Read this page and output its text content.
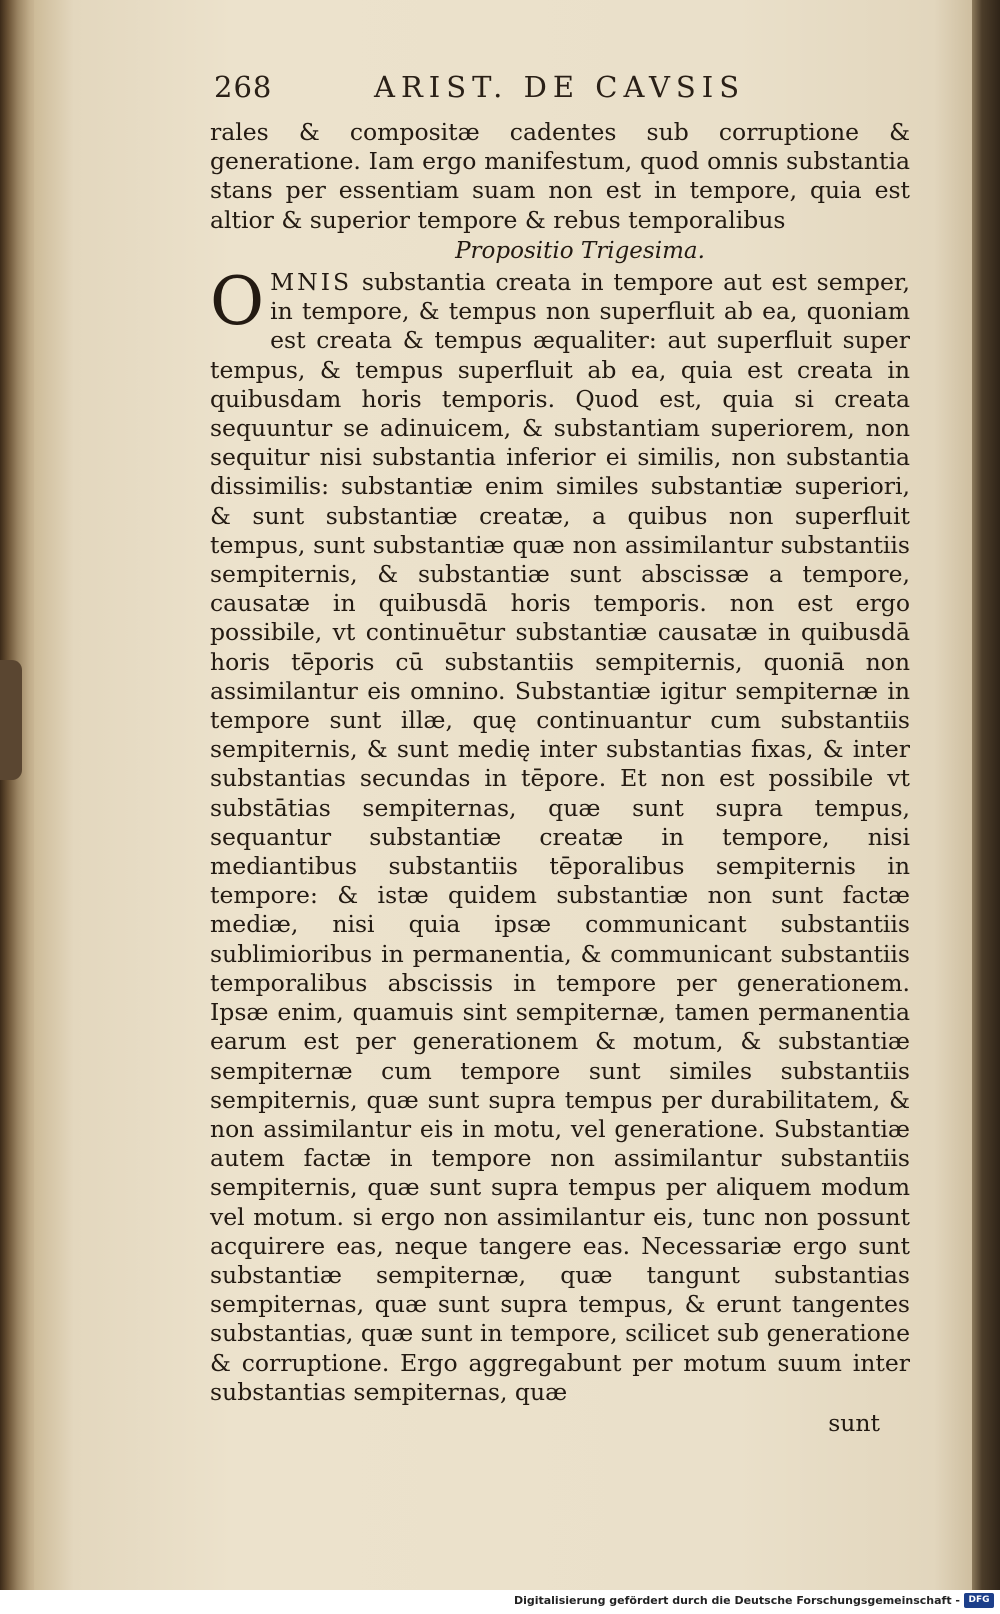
268	ARIST. DE CAVSIS

rales & compositæ cadentes sub corruptione & generatione. Iam ergo manifestum, quod omnis substantia stans per essentiam suam non est in tempore, quia est altior & superior tempore & rebus temporalibus

Propositio Trigesima.

OMNIS substantia creata in tempore aut est semper, in tempore, & tempus non superfluit ab ea, quoniam est creata & tempus æqualiter: aut superfluit super tempus, & tempus superfluit ab ea, quia est creata in quibusdam horis temporis. Quod est, quia si creata sequuntur se adinuicem, & substantiam superiorem, non sequitur nisi substantia inferior ei similis, non substantia dissimilis: substantiæ enim similes substantiæ superiori, & sunt substantiæ creatæ, a quibus non superfluit tempus, sunt substantiæ quæ non assimilantur substantiis sempiternis, & substantiæ sunt abscissæ a tempore, causatæ in quibusdā horis temporis. non est ergo possibile, vt continuētur substantiæ causatæ in quibusdā horis tēporis cū substantiis sempiternis, quoniā non assimilantur eis omnino. Substantiæ igitur sempiternæ in tempore sunt illæ, quę continuantur cum substantiis sempiternis, & sunt medię inter substantias fixas, & inter substantias secundas in tēpore. Et non est possibile vt substātias sempiternas, quæ sunt supra tempus, sequantur substantiæ creatæ in tempore, nisi mediantibus substantiis tēporalibus sempiternis in tempore: & istæ quidem substantiæ non sunt factæ mediæ, nisi quia ipsæ communicant substantiis sublimioribus in permanentia, & communicant substantiis temporalibus abscissis in tempore per generationem. Ipsæ enim, quamuis sint sempiternæ, tamen permanentia earum est per generationem & motum, & substantiæ sempiternæ cum tempore sunt similes substantiis sempiternis, quæ sunt supra tempus per durabilitatem, & non assimilantur eis in motu, vel generatione. Substantiæ autem factæ in tempore non assimilantur substantiis sempiternis, quæ sunt supra tempus per aliquem modum vel motum. si ergo non assimilantur eis, tunc non possunt acquirere eas, neque tangere eas. Necessariæ ergo sunt substantiæ sempiternæ, quæ tangunt substantias sempiternas, quæ sunt supra tempus, & erunt tangentes substantias, quæ sunt in tempore, scilicet sub generatione & corruptione. Ergo aggregabunt per motum suum inter substantias sempiternas, quæ

sunt

Digitalisierung gefördert durch die Deutsche Forschungsgemeinschaft - DFG
